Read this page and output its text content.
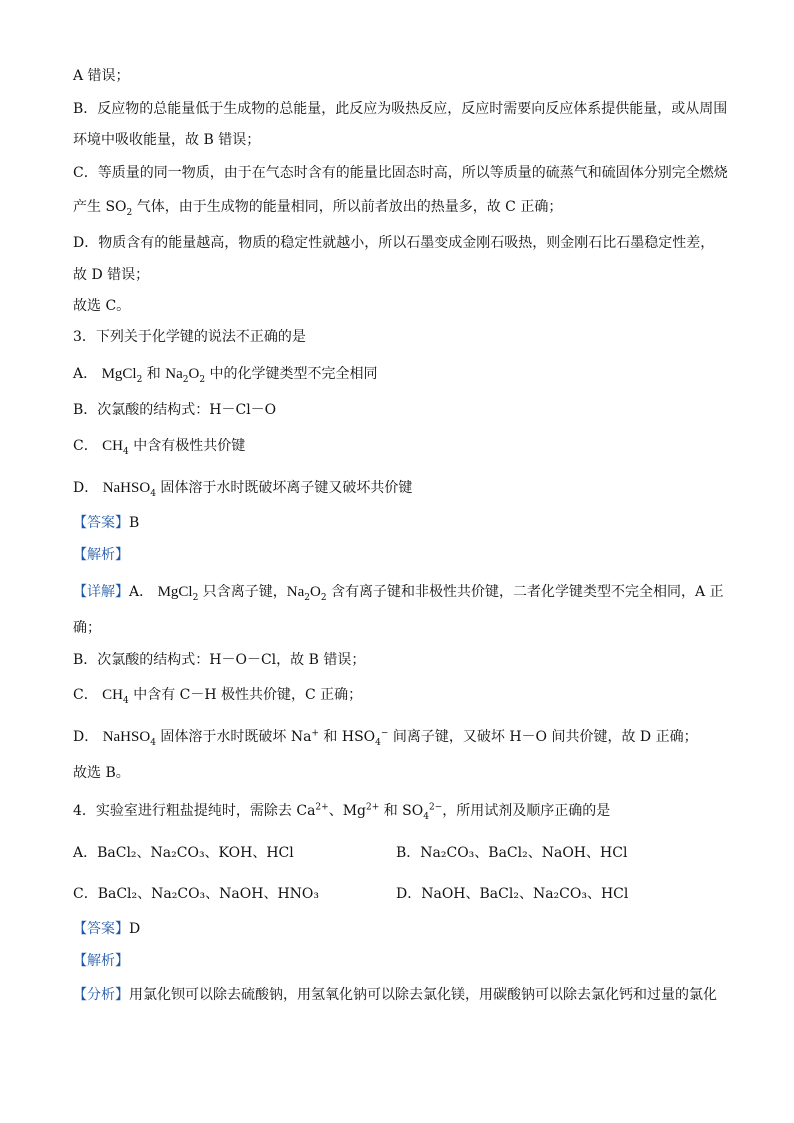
A 错误；
B．反应物的总能量低于生成物的总能量，此反应为吸热反应，反应时需要向反应体系提供能量，或从周围
环境中吸收能量，故 B 错误；
C．等质量的同一物质，由于在气态时含有的能量比固态时高，所以等质量的硫蒸气和硫固体分别完全燃烧
产生 $SO_2$ 气体，由于生成物的能量相同，所以前者放出的热量多，故 C 正确；
D．物质含有的能量越高，物质的稳定性就越小，所以石墨变成金刚石吸热，则金刚石比石墨稳定性差，
故 D 错误；
故选 C。
3．下列关于化学键的说法不正确的是
A． MgCl$_2$ 和 $Na_2O_2$ 中的化学键类型不完全相同
B．次氯酸的结构式：H－Cl－O
C． $CH_4$ 中含有极性共价键
D． NaHSO$_4$ 固体溶于水时既破坏离子键又破坏共价键
【答案】B
【解析】
【详解】A． MgCl$_2$ 只含离子键，$Na_2O_2$ 含有离子键和非极性共价键，二者化学键类型不完全相同，A 正
确；
B．次氯酸的结构式：H－O－Cl，故 B 错误；
C． $CH_4$ 中含有 C－H 极性共价键，C 正确；
D． NaHSO$_4$ 固体溶于水时既破坏 Na+ 和 $HSO_4^-$ 间离子键，又破坏 H－O 间共价键，故 D 正确；
故选 B。
4．实验室进行粗盐提纯时，需除去 $Ca^{2+}$、$Mg^{2+}$ 和 $SO_4^{2-}$，所用试剂及顺序正确的是
A．BaCl₂、Na₂CO₃、KOH、HCl	B．Na₂CO₃、BaCl₂、NaOH、HCl
C．BaCl₂、Na₂CO₃、NaOH、HNO₃	D．NaOH、BaCl₂、Na₂CO₃、HCl
【答案】D
【解析】
【分析】用氯化钡可以除去硫酸钠，用氢氧化钠可以除去氯化镁，用碳酸钠可以除去氯化钙和过量的氯化
